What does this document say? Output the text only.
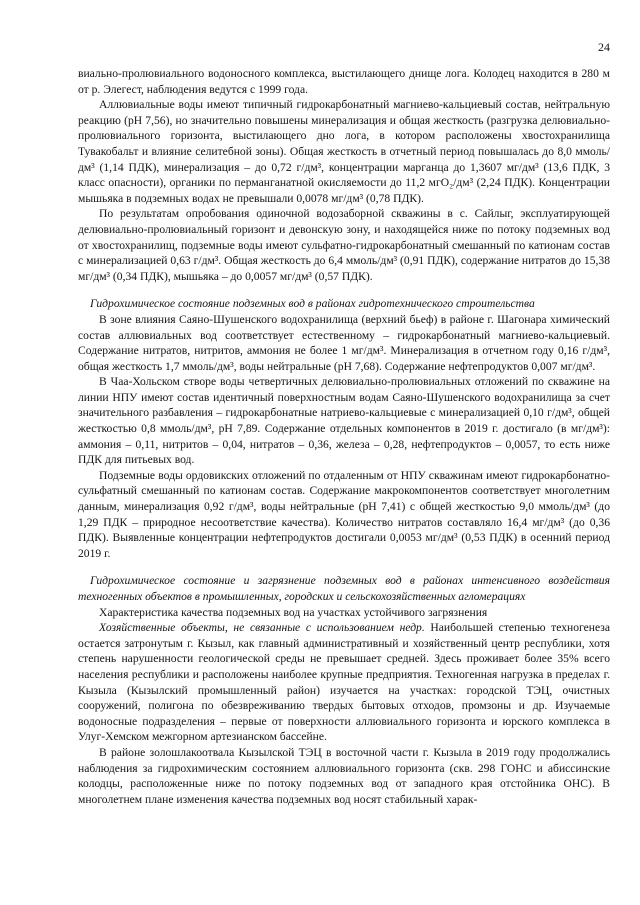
24

виально-пролювиального водоносного комплекса, выстилающего днище лога. Колодец находится в 280 м от р. Элегест, наблюдения ведутся с 1999 года.

Аллювиальные воды имеют типичный гидрокарбонатный магниево-кальциевый состав, нейтральную реакцию (рН 7,56), но значительно повышены минерализация и общая жесткость (разгрузка делювиально-пролювиального горизонта, выстилающего дно лога, в котором расположены хвостохранилища Тувакобальт и влияние селитебной зоны). Общая жесткость в отчетный период повышалась до 8,0 ммоль/дм³ (1,14 ПДК), минерализация – до 0,72 г/дм³, концентрации марганца до 1,3607 мг/дм³ (13,6 ПДК, 3 класс опасности), органики по перманганатной окисляемости до 11,2 мгО₂/дм³ (2,24 ПДК). Концентрации мышьяка в подземных водах не превышали 0,0078 мг/дм³ (0,78 ПДК).

По результатам опробования одиночной водозаборной скважины в с. Сайлыг, эксплуатирующей делювиально-пролювиальный горизонт и девонскую зону, и находящейся ниже по потоку подземных вод от хвостохранилищ, подземные воды имеют сульфатно-гидрокарбонатный смешанный по катионам состав с минерализацией 0,63 г/дм³. Общая жесткость до 6,4 ммоль/дм³ (0,91 ПДК), содержание нитратов до 15,38 мг/дм³ (0,34 ПДК), мышьяка – до 0,0057 мг/дм³ (0,57 ПДК).

Гидрохимическое состояние подземных вод в районах гидротехнического строительства

В зоне влияния Саяно-Шушенского водохранилища (верхний бьеф) в районе г. Шагонара химический состав аллювиальных вод соответствует естественному – гидрокарбонатный магниево-кальциевый. Содержание нитратов, нитритов, аммония не более 1 мг/дм³. Минерализация в отчетном году 0,16 г/дм³, общая жесткость 1,7 ммоль/дм³, воды нейтральные (рН 7,68). Содержание нефтепродуктов 0,007 мг/дм³.

В Чаа-Хольском створе воды четвертичных делювиально-пролювиальных отложений по скважине на линии НПУ имеют состав идентичный поверхностным водам Саяно-Шушенского водохранилища за счет значительного разбавления – гидрокарбонатные натриево-кальциевые с минерализацией 0,10 г/дм³, общей жесткостью 0,8 ммоль/дм³, рН 7,89. Содержание отдельных компонентов в 2019 г. достигало (в мг/дм³): аммония – 0,11, нитритов – 0,04, нитратов – 0,36, железа – 0,28, нефтепродуктов – 0,0057, то есть ниже ПДК для питьевых вод.

Подземные воды ордовикских отложений по отдаленным от НПУ скважинам имеют гидрокарбонатно-сульфатный смешанный по катионам состав. Содержание макрокомпонентов соответствует многолетним данным, минерализация 0,92 г/дм³, воды нейтральные (рН 7,41) с общей жесткостью 9,0 ммоль/дм³ (до 1,29 ПДК – природное несоответствие качества). Количество нитратов составляло 16,4 мг/дм³ (до 0,36 ПДК). Выявленные концентрации нефтепродуктов достигали 0,0053 мг/дм³ (0,53 ПДК) в осенний период 2019 г.

Гидрохимическое состояние и загрязнение подземных вод в районах интенсивного воздействия техногенных объектов в промышленных, городских и сельскохозяйственных агломерациях

Характеристика качества подземных вод на участках устойчивого загрязнения

Хозяйственные объекты, не связанные с использованием недр. Наибольшей степенью техногенеза остается затронутым г. Кызыл, как главный административный и хозяйственный центр республики, хотя степень нарушенности геологической среды не превышает средней. Здесь проживает более 35% всего населения республики и расположены наиболее крупные предприятия. Техногенная нагрузка в пределах г. Кызыла (Кызылский промышленный район) изучается на участках: городской ТЭЦ, очистных сооружений, полигона по обезвреживанию твердых бытовых отходов, промзоны и др. Изучаемые водоносные подразделения – первые от поверхности аллювиального горизонта и юрского комплекса в Улуг-Хемском межгорном артезианском бассейне.

В районе золошлакоотвала Кызылской ТЭЦ в восточной части г. Кызыла в 2019 году продолжались наблюдения за гидрохимическим состоянием аллювиального горизонта (скв. 298 ГОНС и абиссинские колодцы, расположенные ниже по потоку подземных вод от западного края отстойника ОНС). В многолетнем плане изменения качества подземных вод носят стабильный харак-
